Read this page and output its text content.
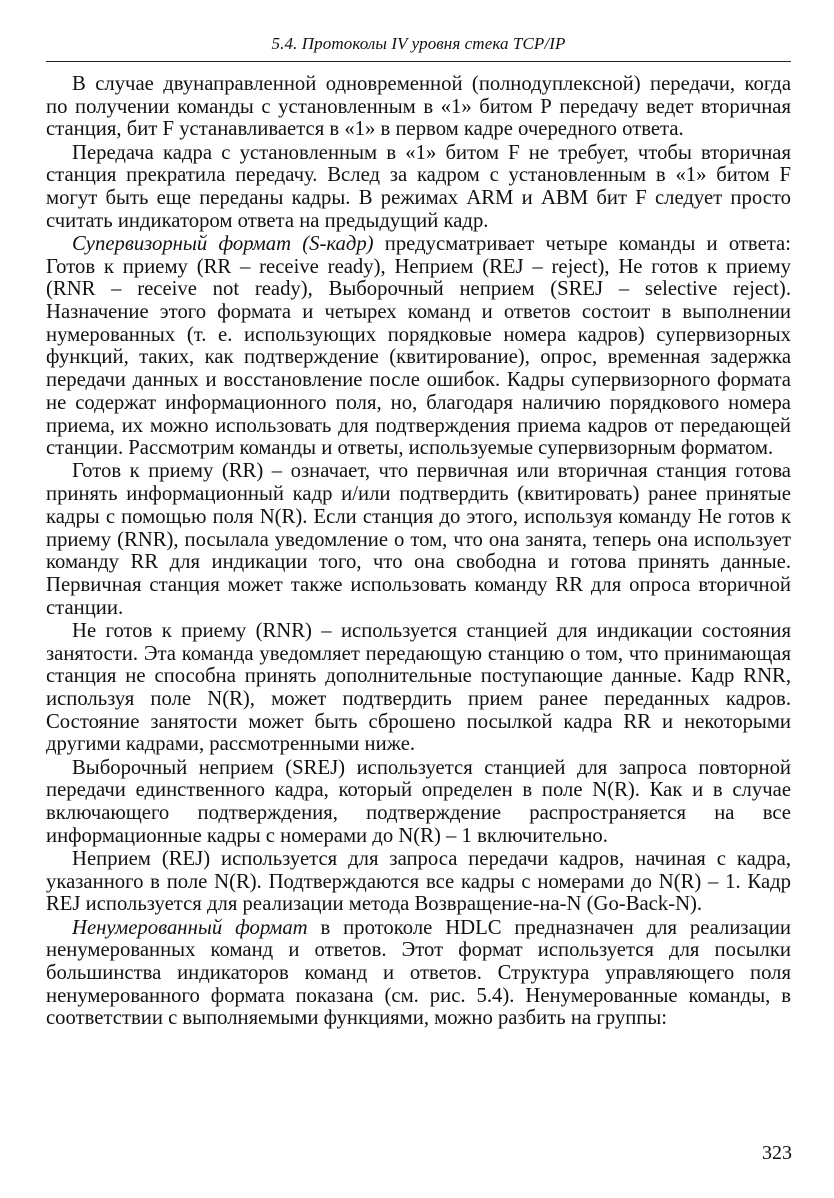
5.4. Протоколы IV уровня стека TCP/IP

В случае двунаправленной одновременной (полнодуплексной) передачи, когда по получении команды с установленным в «1» битом Р передачу ведет вторичная станция, бит F устанавливается в «1» в первом кадре очередного ответа.

Передача кадра с установленным в «1» битом F не требует, чтобы вторичная станция прекратила передачу. Вслед за кадром с установленным в «1» битом F могут быть еще переданы кадры. В режимах ARM и ABM бит F следует просто считать индикатором ответа на предыдущий кадр.

Супервизорный формат (S-кадр) предусматривает четыре команды и ответа: Готов к приему (RR – receive ready), Неприем (REJ – reject), Не готов к приему (RNR – receive not ready), Выборочный неприем (SREJ – selective reject). Назначение этого формата и четырех команд и ответов состоит в выполнении нумерованных (т. е. использующих порядковые номера кадров) супервизорных функций, таких, как подтверждение (квитирование), опрос, временная задержка передачи данных и восстановление после ошибок. Кадры супервизорного формата не содержат информационного поля, но, благодаря наличию порядкового номера приема, их можно использовать для подтверждения приема кадров от передающей станции. Рассмотрим команды и ответы, используемые супервизорным форматом.

Готов к приему (RR) – означает, что первичная или вторичная станция готова принять информационный кадр и/или подтвердить (квитировать) ранее принятые кадры с помощью поля N(R). Если станция до этого, используя команду Не готов к приему (RNR), посылала уведомление о том, что она занята, теперь она использует команду RR для индикации того, что она свободна и готова принять данные. Первичная станция может также использовать команду RR для опроса вторичной станции.

Не готов к приему (RNR) – используется станцией для индикации состояния занятости. Эта команда уведомляет передающую станцию о том, что принимающая станция не способна принять дополнительные поступающие данные. Кадр RNR, используя поле N(R), может подтвердить прием ранее переданных кадров. Состояние занятости может быть сброшено посылкой кадра RR и некоторыми другими кадрами, рассмотренными ниже.

Выборочный неприем (SREJ) используется станцией для запроса повторной передачи единственного кадра, который определен в поле N(R). Как и в случае включающего подтверждения, подтверждение распространяется на все информационные кадры с номерами до N(R) – 1 включительно.

Неприем (REJ) используется для запроса передачи кадров, начиная с кадра, указанного в поле N(R). Подтверждаются все кадры с номерами до N(R) – 1. Кадр REJ используется для реализации метода Возвращение-на-N (Go-Back-N).

Ненумерованный формат в протоколе HDLC предназначен для реализации ненумерованных команд и ответов. Этот формат используется для посылки большинства индикаторов команд и ответов. Структура управляющего поля ненумерованного формата показана (см. рис. 5.4). Ненумерованные команды, в соответствии с выполняемыми функциями, можно разбить на группы:

323
